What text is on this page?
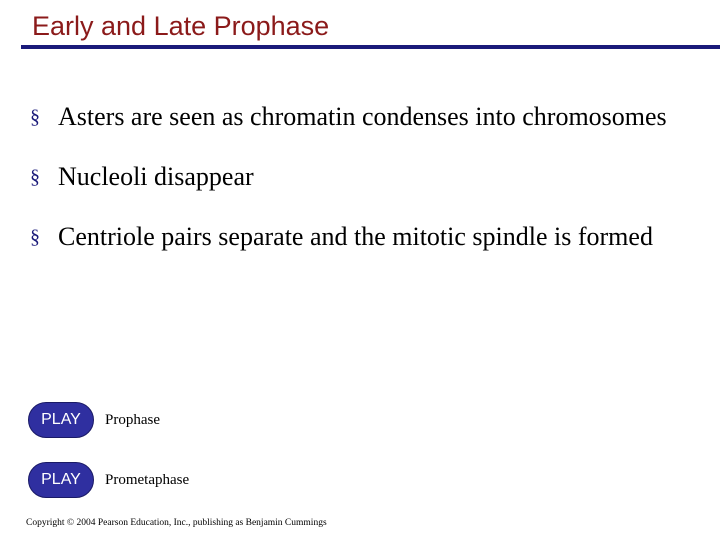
Early and Late Prophase
§ Asters are seen as chromatin condenses into chromosomes
§ Nucleoli disappear
§ Centriole pairs separate and the mitotic spindle is formed
PLAY	Prophase
PLAY	Prometaphase
Copyright © 2004 Pearson Education, Inc., publishing as Benjamin Cummings
